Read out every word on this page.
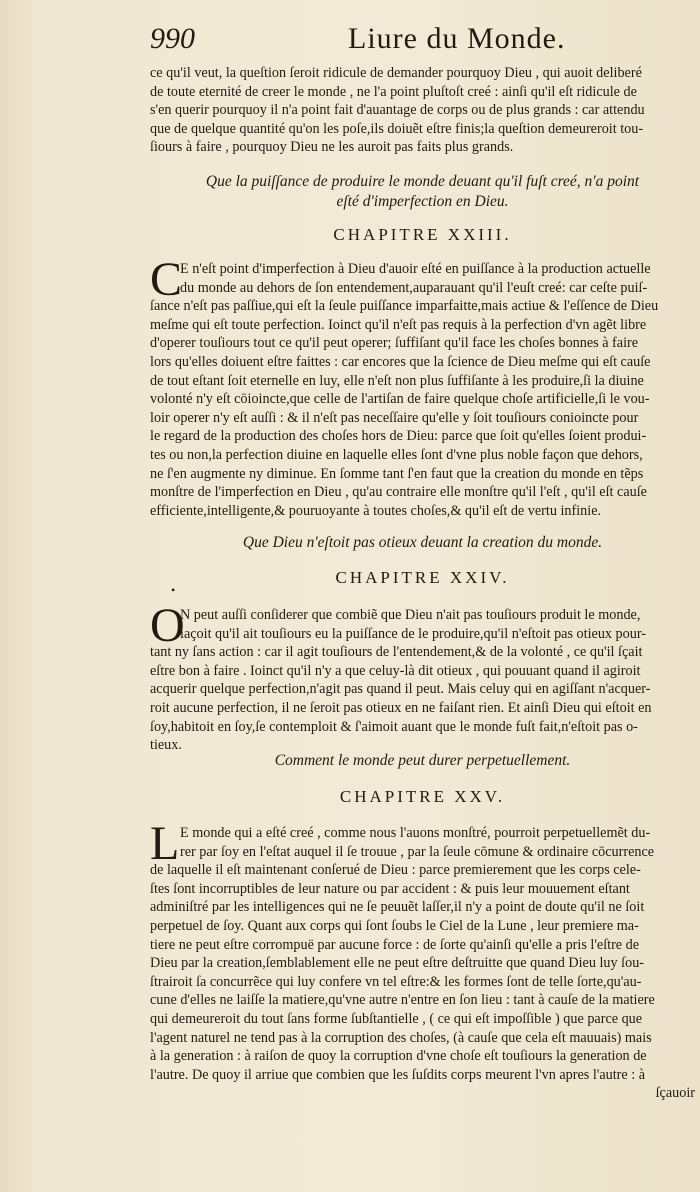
990	Liure du Monde.
ce qu'il veut, la queſtion ſeroit ridicule de demander pourquoy Dieu , qui auoit deliberé
de toute eternité de creer le monde , ne l'a point pluſtoſt creé : ainſi qu'il eſt ridicule de
s'en querir pourquoy il n'a point fait d'auantage de corps ou de plus grands : car attendu
que de quelque quantité qu'on les poſe,ils doiuẽt eſtre finis;la queſtion demeureroit tou-
ſiours à faire , pourquoy Dieu ne les auroit pas faits plus grands.
Que la puiſſance de produire le monde deuant qu'il fuſt creé, n'a point
eſté d'imperfection en Dieu.
CHAPITRE XXIII.
C
E n'eſt point d'imperfection à Dieu d'auoir eſté en puiſſance à la production actuelle
du monde au dehors de ſon entendement,auparauant qu'il l'euſt creé: car ceſte puiſ-
ſance n'eſt pas paſſiue,qui eſt la ſeule puiſſance imparfaitte,mais actiue & l'eſſence de Dieu
meſme qui eſt toute perfection. Ioinct qu'il n'eſt pas requis à la perfection d'vn agẽt libre
d'operer touſiours tout ce qu'il peut operer; ſuffiſant qu'il face les choſes bonnes à faire
lors qu'elles doiuent eſtre faittes : car encores que la ſcience de Dieu meſme qui eſt cauſe
de tout eſtant ſoit eternelle en luy, elle n'eſt non plus ſuffiſante à les produire,ſi la diuine
volonté n'y eſt cōioincte,que celle de l'artiſan de faire quelque choſe artificielle,ſi le vou-
loir operer n'y eſt auſſi : & il n'eſt pas neceſſaire qu'elle y ſoit touſiours conioincte pour
le regard de la production des choſes hors de Dieu: parce que ſoit qu'elles ſoient produi-
tes ou non,la perfection diuine en laquelle elles ſont d'vne plus noble façon que dehors,
ne ſ'en augmente ny diminue. En ſomme tant ſ'en faut que la creation du monde en tẽps
monſtre de l'imperfection en Dieu , qu'au contraire elle monſtre qu'il l'eſt , qu'il eſt cauſe
efficiente,intelligente,& pouruoyante à toutes choſes,& qu'il eſt de vertu infinie.
Que Dieu n'eſtoit pas otieux deuant la creation du monde.
•
CHAPITRE XXIV.
O
N peut auſſi conſiderer que combiẽ que Dieu n'ait pas touſiours produit le monde,
iaçoit qu'il ait touſiours eu la puiſſance de le produire,qu'il n'eſtoit pas otieux pour-
tant ny ſans action : car il agit touſiours de l'entendement,& de la volonté , ce qu'il ſçait
eſtre bon à faire . Ioinct qu'il n'y a que celuy-là dit otieux , qui pouuant quand il agiroit
acquerir quelque perfection,n'agit pas quand il peut. Mais celuy qui en agiſſant n'acquer-
roit aucune perfection, il ne ſeroit pas otieux en ne faiſant rien. Et ainſi Dieu qui eſtoit en
ſoy,habitoit en ſoy,ſe contemploit & ſ'aimoit auant que le monde fuſt fait,n'eſtoit pas o-
tieux.
Comment le monde peut durer perpetuellement.
CHAPITRE XXV.
L E monde qui a eſté creé , comme nous l'auons monſtré, pourroit perpetuellemẽt du-
rer par ſoy en l'eſtat auquel il ſe trouue , par la ſeule cōmune & ordinaire cōcurrence
de laquelle il eſt maintenant conſerué de Dieu : parce premierement que les corps cele-
ſtes ſont incorruptibles de leur nature ou par accident : & puis leur mouuement eſtant
adminiſtré par les intelligences qui ne ſe peuuẽt laſſer,il n'y a point de doute qu'il ne ſoit
perpetuel de ſoy. Quant aux corps qui ſont ſoubs le Ciel de la Lune , leur premiere ma-
tiere ne peut eſtre corrompuë par aucune force : de ſorte qu'ainſi qu'elle a pris l'eſtre de
Dieu par la creation,ſemblablement elle ne peut eſtre deſtruitte que quand Dieu luy ſou-
ſtrairoit ſa concurrẽce qui luy confere vn tel eſtre:& les formes ſont de telle ſorte,qu'au-
cune d'elles ne laiſſe la matiere,qu'vne autre n'entre en ſon lieu : tant à cauſe de la matiere
qui demeureroit du tout ſans forme ſubſtantielle , ( ce qui eſt impoſſible ) que parce que
l'agent naturel ne tend pas à la corruption des choſes, (à cauſe que cela eſt mauuais) mais
à la generation : à raiſon de quoy la corruption d'vne choſe eſt touſiours la generation de
l'autre. De quoy il arriue que combien que les ſuſdits corps meurent l'vn apres l'autre : à
ſçauoir
